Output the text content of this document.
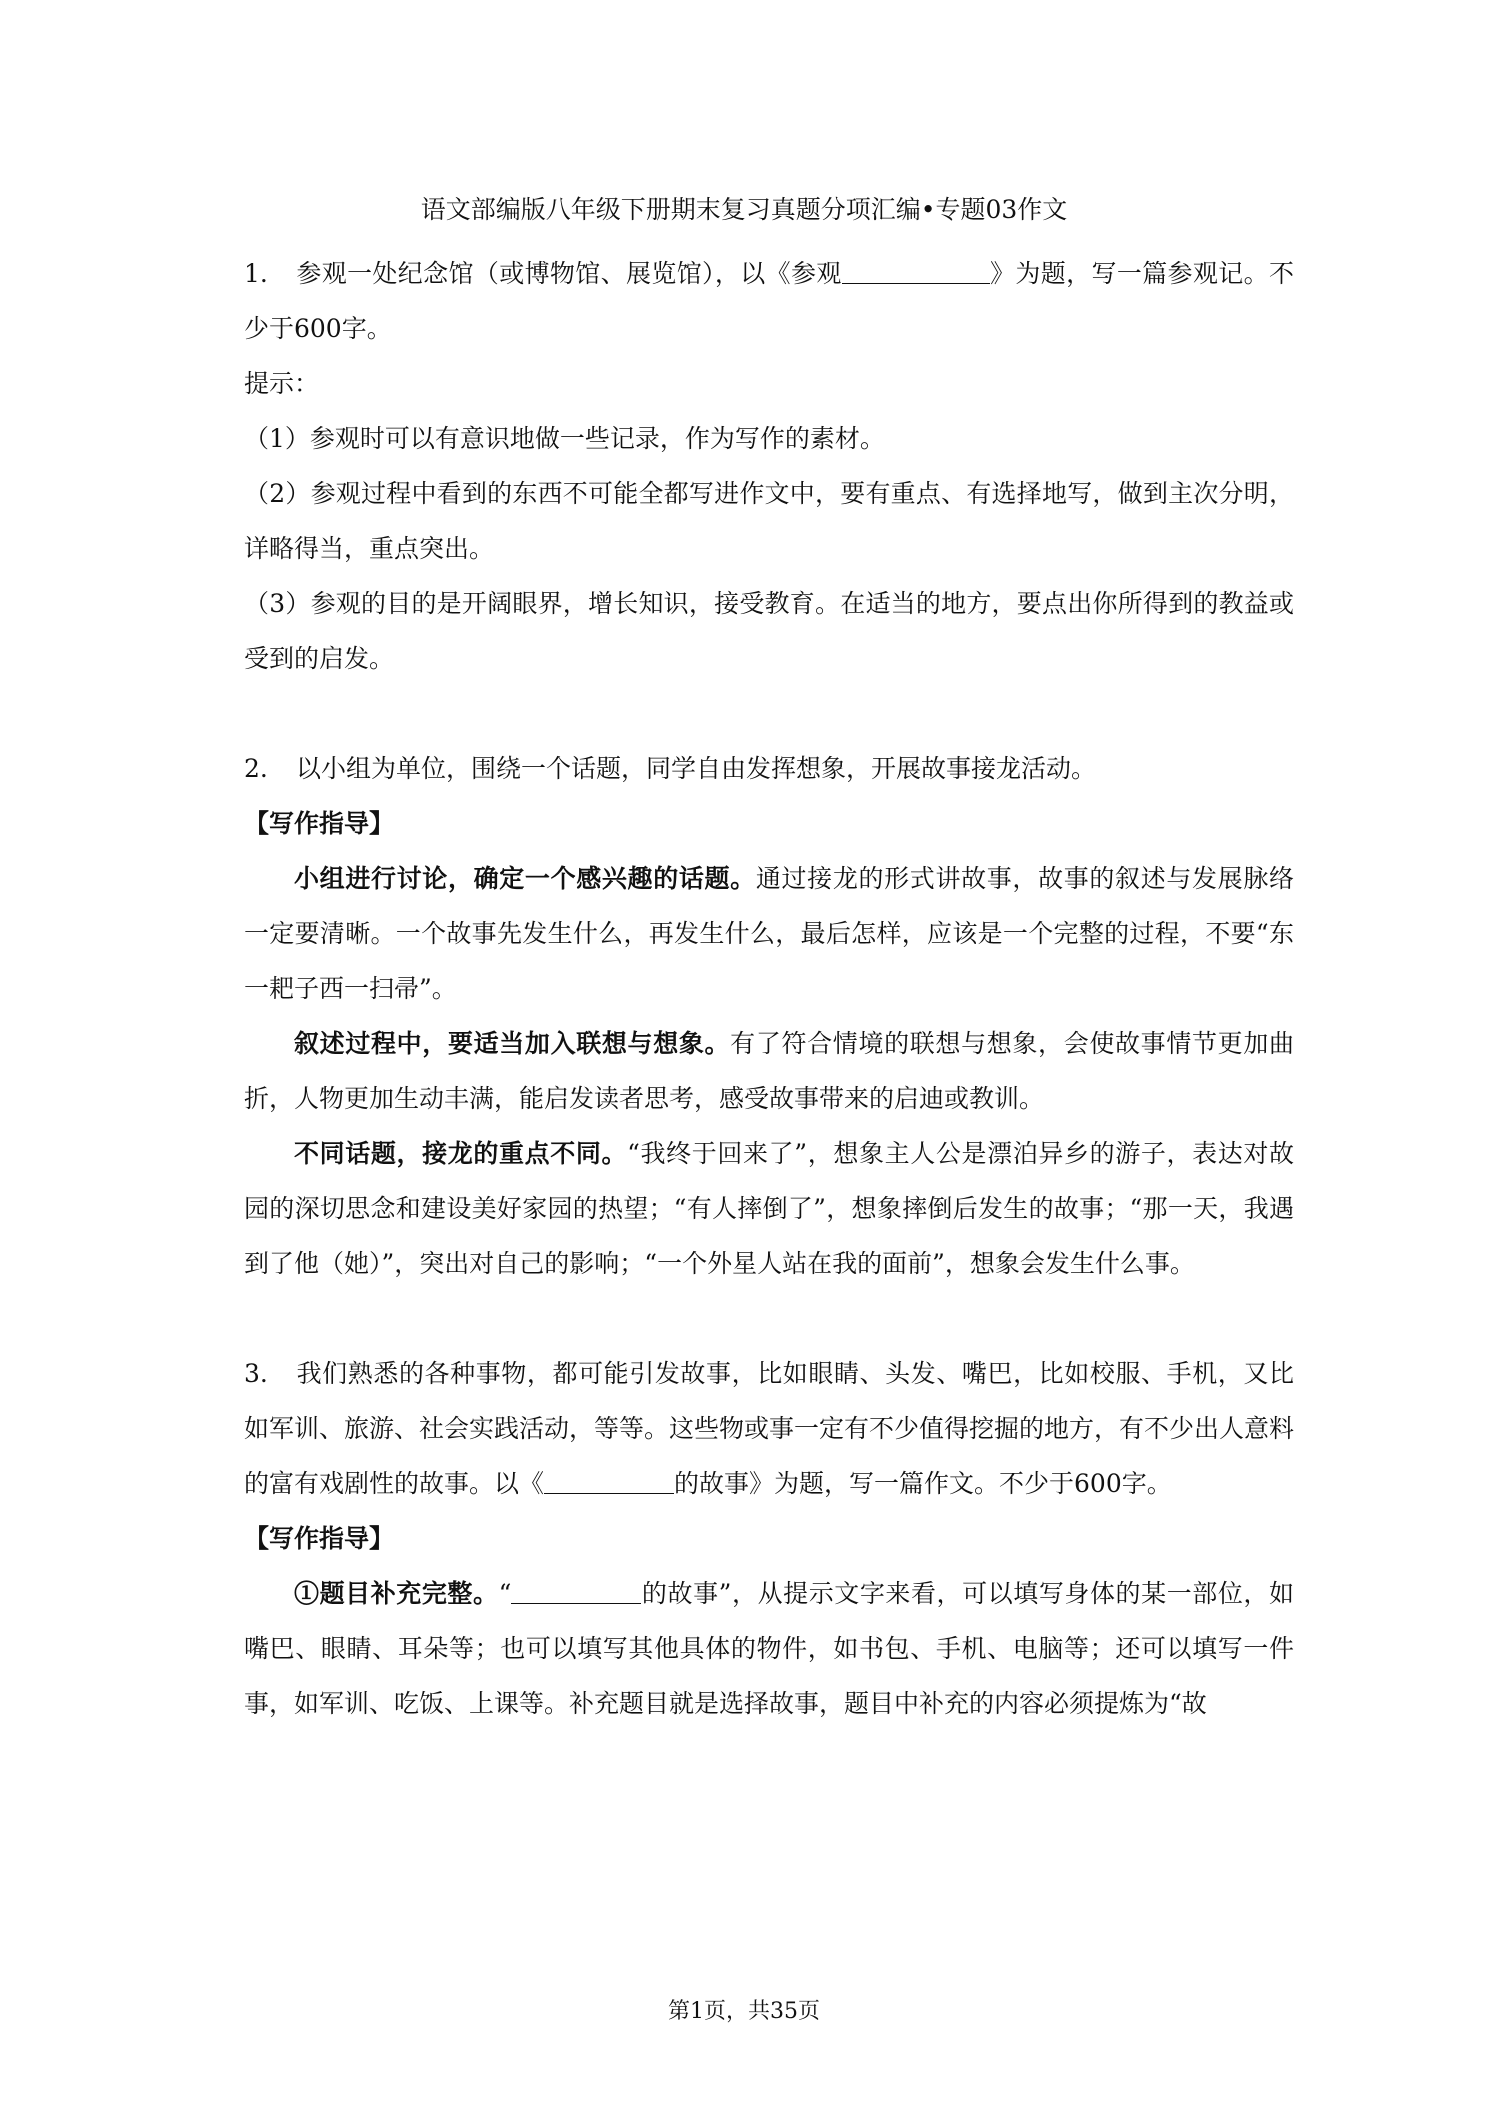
语文部编版八年级下册期末复习真题分项汇编•专题03作文

1. 参观一处纪念馆（或博物馆、展览馆），以《参观	》为题，写一篇参观记。不少于600字。

提示：

（1）参观时可以有意识地做一些记录，作为写作的素材。

（2）参观过程中看到的东西不可能全都写进作文中，要有重点、有选择地写，做到主次分明，详略得当，重点突出。

（3）参观的目的是开阔眼界，增长知识，接受教育。在适当的地方，要点出你所得到的教益或受到的启发。

2. 以小组为单位，围绕一个话题，同学自由发挥想象，开展故事接龙活动。

【写作指导】

小组进行讨论，确定一个感兴趣的话题。通过接龙的形式讲故事，故事的叙述与发展脉络一定要清晰。一个故事先发生什么，再发生什么，最后怎样，应该是一个完整的过程，不要“东一耙子西一扫帚”。

叙述过程中，要适当加入联想与想象。有了符合情境的联想与想象，会使故事情节更加曲折，人物更加生动丰满，能启发读者思考，感受故事带来的启迪或教训。

不同话题，接龙的重点不同。“我终于回来了”，想象主人公是漂泊异乡的游子，表达对故园的深切思念和建设美好家园的热望；“有人摔倒了”，想象摔倒后发生的故事；“那一天，我遇到了他（她）”，突出对自己的影响；“一个外星人站在我的面前”，想象会发生什么事。

3. 我们熟悉的各种事物，都可能引发故事，比如眼睛、头发、嘴巴，比如校服、手机，又比如军训、旅游、社会实践活动，等等。这些物或事一定有不少值得挖掘的地方，有不少出人意料的富有戏剧性的故事。以《	的故事》为题，写一篇作文。不少于600字。

【写作指导】

①题目补充完整。“	的故事”，从提示文字来看，可以填写身体的某一部位，如嘴巴、眼睛、耳朵等；也可以填写其他具体的物件，如书包、手机、电脑等；还可以填写一件事，如军训、吃饭、上课等。补充题目就是选择故事，题目中补充的内容必须提炼为“故

第1页，共35页
